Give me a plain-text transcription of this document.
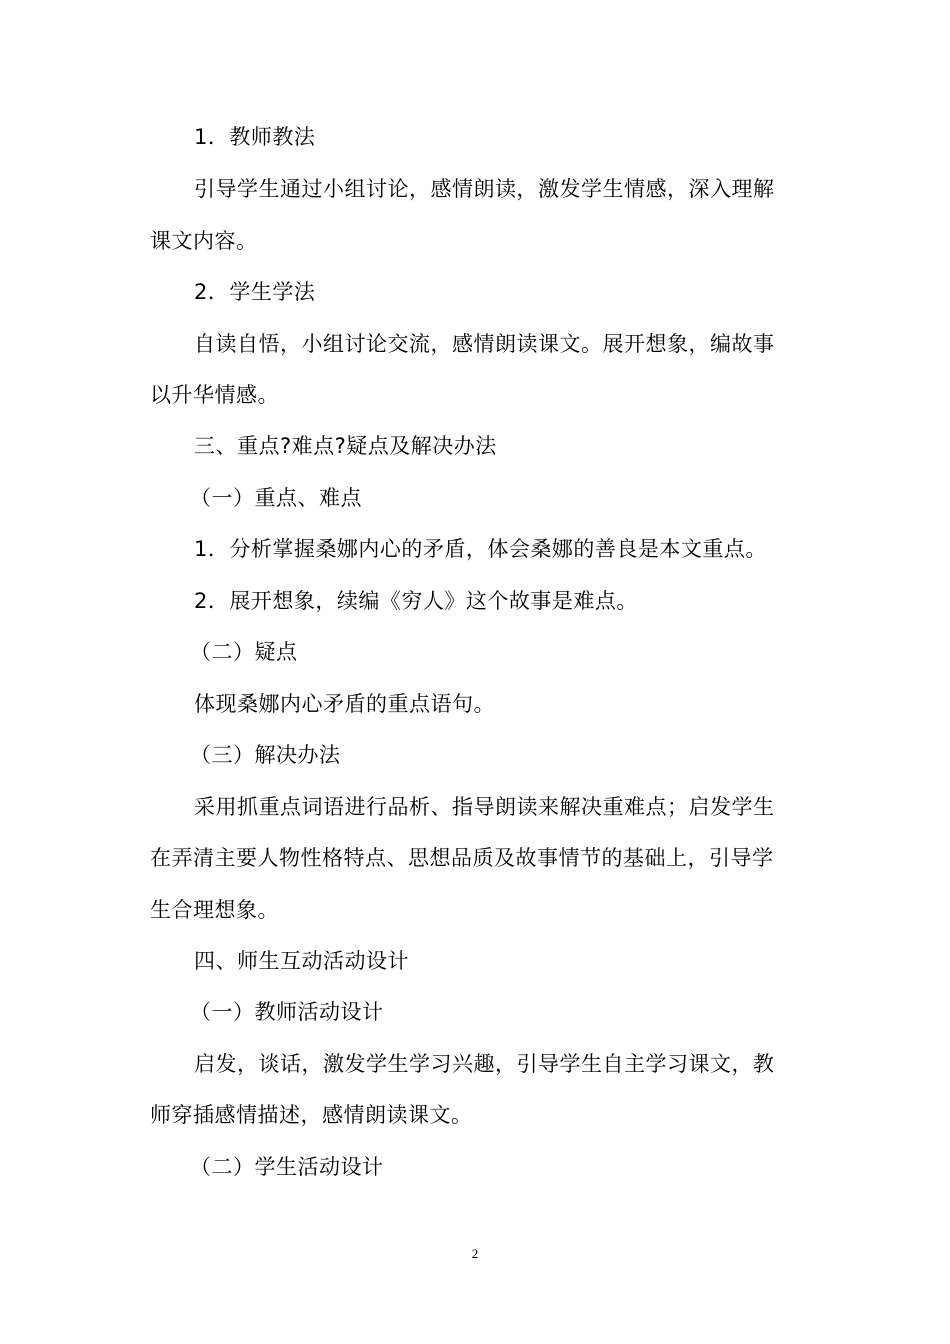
1．教师教法
引导学生通过小组讨论，感情朗读，激发学生情感，深入理解
课文内容。
2．学生学法
自读自悟，小组讨论交流，感情朗读课文。展开想象，编故事
以升华情感。
三、重点?难点?疑点及解决办法
（一）重点、难点
1．分析掌握桑娜内心的矛盾，体会桑娜的善良是本文重点。
2．展开想象，续编《穷人》这个故事是难点。
（二）疑点
体现桑娜内心矛盾的重点语句。
（三）解决办法
采用抓重点词语进行品析、指导朗读来解决重难点；启发学生
在弄清主要人物性格特点、思想品质及故事情节的基础上，引导学
生合理想象。
四、师生互动活动设计
（一）教师活动设计
启发，谈话，激发学生学习兴趣，引导学生自主学习课文，教
师穿插感情描述，感情朗读课文。
（二）学生活动设计
2
